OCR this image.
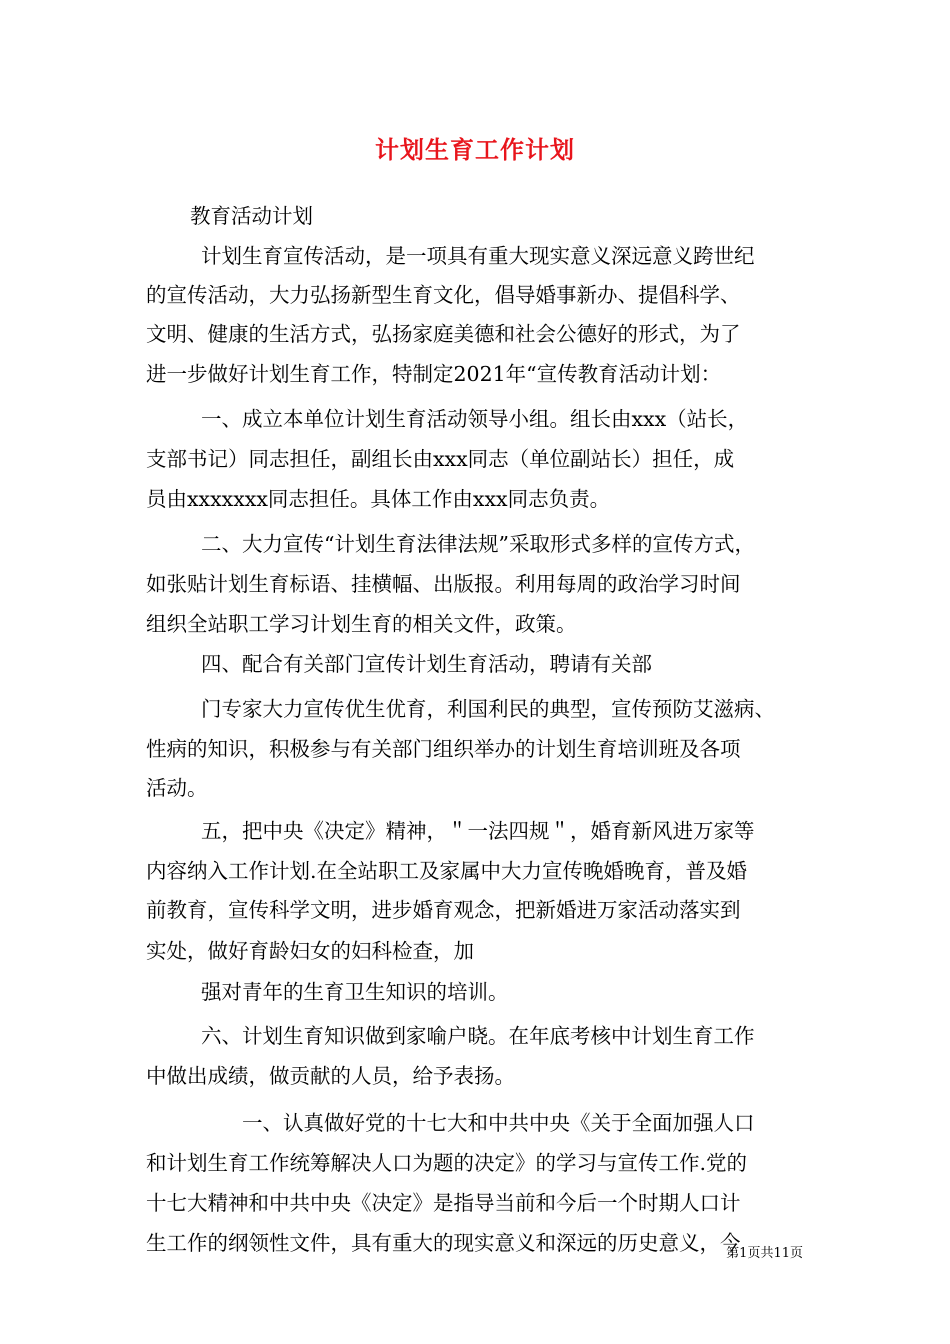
计划生育工作计划
教育活动计划
计划生育宣传活动，是一项具有重大现实意义深远意义跨世纪
的宣传活动，大力弘扬新型生育文化，倡导婚事新办、提倡科学、
文明、健康的生活方式，弘扬家庭美德和社会公德好的形式，为了
进一步做好计划生育工作，特制定2021年“宣传教育活动计划：
一、成立本单位计划生育活动领导小组。组长由xxx（站长，
支部书记）同志担任，副组长由xxx同志（单位副站长）担任，成
员由xxxxxxx同志担任。具体工作由xxx同志负责。
二、大力宣传“计划生育法律法规”采取形式多样的宣传方式，
如张贴计划生育标语、挂横幅、出版报。利用每周的政治学习时间
组织全站职工学习计划生育的相关文件，政策。
四、配合有关部门宣传计划生育活动，聘请有关部
门专家大力宣传优生优育，利国利民的典型，宣传预防艾滋病、
性病的知识，积极参与有关部门组织举办的计划生育培训班及各项
活动。
五，把中央《决定》精神，＂一法四规＂，婚育新风进万家等
内容纳入工作计划.在全站职工及家属中大力宣传晚婚晚育，普及婚
前教育，宣传科学文明，进步婚育观念，把新婚进万家活动落实到
实处，做好育龄妇女的妇科检查，加
强对青年的生育卫生知识的培训。
六、计划生育知识做到家喻户晓。在年底考核中计划生育工作
中做出成绩，做贡献的人员，给予表扬。
一、认真做好党的十七大和中共中央《关于全面加强人口
和计划生育工作统筹解决人口为题的决定》的学习与宣传工作.党的
十七大精神和中共中央《决定》是指导当前和今后一个时期人口计
生工作的纲领性文件，具有重大的现实意义和深远的历史意义，今
第1页共11页
